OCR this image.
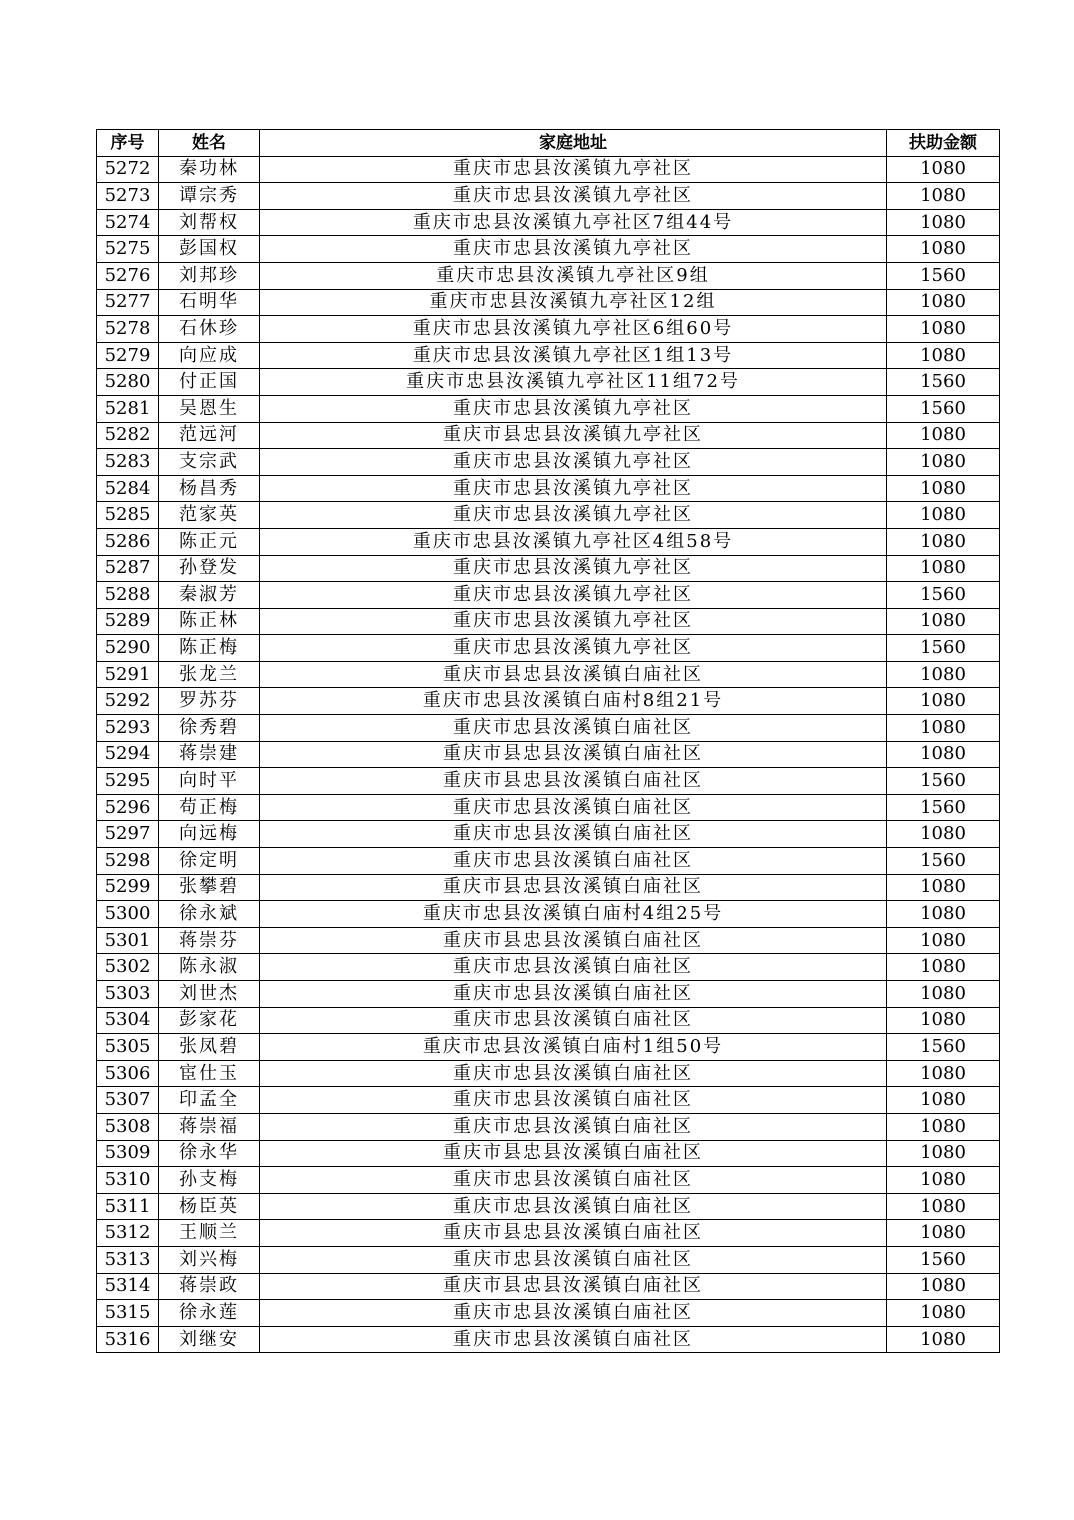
序号	姓名	家庭地址	扶助金额
5272	秦功林	重庆市忠县汝溪镇九亭社区	1080
5273	谭宗秀	重庆市忠县汝溪镇九亭社区	1080
5274	刘帮权	重庆市忠县汝溪镇九亭社区7组44号	1080
5275	彭国权	重庆市忠县汝溪镇九亭社区	1080
5276	刘邦珍	重庆市忠县汝溪镇九亭社区9组	1560
5277	石明华	重庆市忠县汝溪镇九亭社区12组	1080
5278	石休珍	重庆市忠县汝溪镇九亭社区6组60号	1080
5279	向应成	重庆市忠县汝溪镇九亭社区1组13号	1080
5280	付正国	重庆市忠县汝溪镇九亭社区11组72号	1560
5281	吴恩生	重庆市忠县汝溪镇九亭社区	1560
5282	范远河	重庆市县忠县汝溪镇九亭社区	1080
5283	支宗武	重庆市忠县汝溪镇九亭社区	1080
5284	杨昌秀	重庆市忠县汝溪镇九亭社区	1080
5285	范家英	重庆市忠县汝溪镇九亭社区	1080
5286	陈正元	重庆市忠县汝溪镇九亭社区4组58号	1080
5287	孙登发	重庆市忠县汝溪镇九亭社区	1080
5288	秦淑芳	重庆市忠县汝溪镇九亭社区	1560
5289	陈正林	重庆市忠县汝溪镇九亭社区	1080
5290	陈正梅	重庆市忠县汝溪镇九亭社区	1560
5291	张龙兰	重庆市县忠县汝溪镇白庙社区	1080
5292	罗苏芬	重庆市忠县汝溪镇白庙村8组21号	1080
5293	徐秀碧	重庆市忠县汝溪镇白庙社区	1080
5294	蒋崇建	重庆市县忠县汝溪镇白庙社区	1080
5295	向时平	重庆市县忠县汝溪镇白庙社区	1560
5296	苟正梅	重庆市忠县汝溪镇白庙社区	1560
5297	向远梅	重庆市忠县汝溪镇白庙社区	1080
5298	徐定明	重庆市忠县汝溪镇白庙社区	1560
5299	张攀碧	重庆市县忠县汝溪镇白庙社区	1080
5300	徐永斌	重庆市忠县汝溪镇白庙村4组25号	1080
5301	蒋崇芬	重庆市县忠县汝溪镇白庙社区	1080
5302	陈永淑	重庆市忠县汝溪镇白庙社区	1080
5303	刘世杰	重庆市忠县汝溪镇白庙社区	1080
5304	彭家花	重庆市忠县汝溪镇白庙社区	1080
5305	张凤碧	重庆市忠县汝溪镇白庙村1组50号	1560
5306	宦仕玉	重庆市忠县汝溪镇白庙社区	1080
5307	印孟全	重庆市忠县汝溪镇白庙社区	1080
5308	蒋崇福	重庆市忠县汝溪镇白庙社区	1080
5309	徐永华	重庆市县忠县汝溪镇白庙社区	1080
5310	孙支梅	重庆市忠县汝溪镇白庙社区	1080
5311	杨臣英	重庆市忠县汝溪镇白庙社区	1080
5312	王顺兰	重庆市县忠县汝溪镇白庙社区	1080
5313	刘兴梅	重庆市忠县汝溪镇白庙社区	1560
5314	蒋崇政	重庆市县忠县汝溪镇白庙社区	1080
5315	徐永莲	重庆市忠县汝溪镇白庙社区	1080
5316	刘继安	重庆市忠县汝溪镇白庙社区	1080
